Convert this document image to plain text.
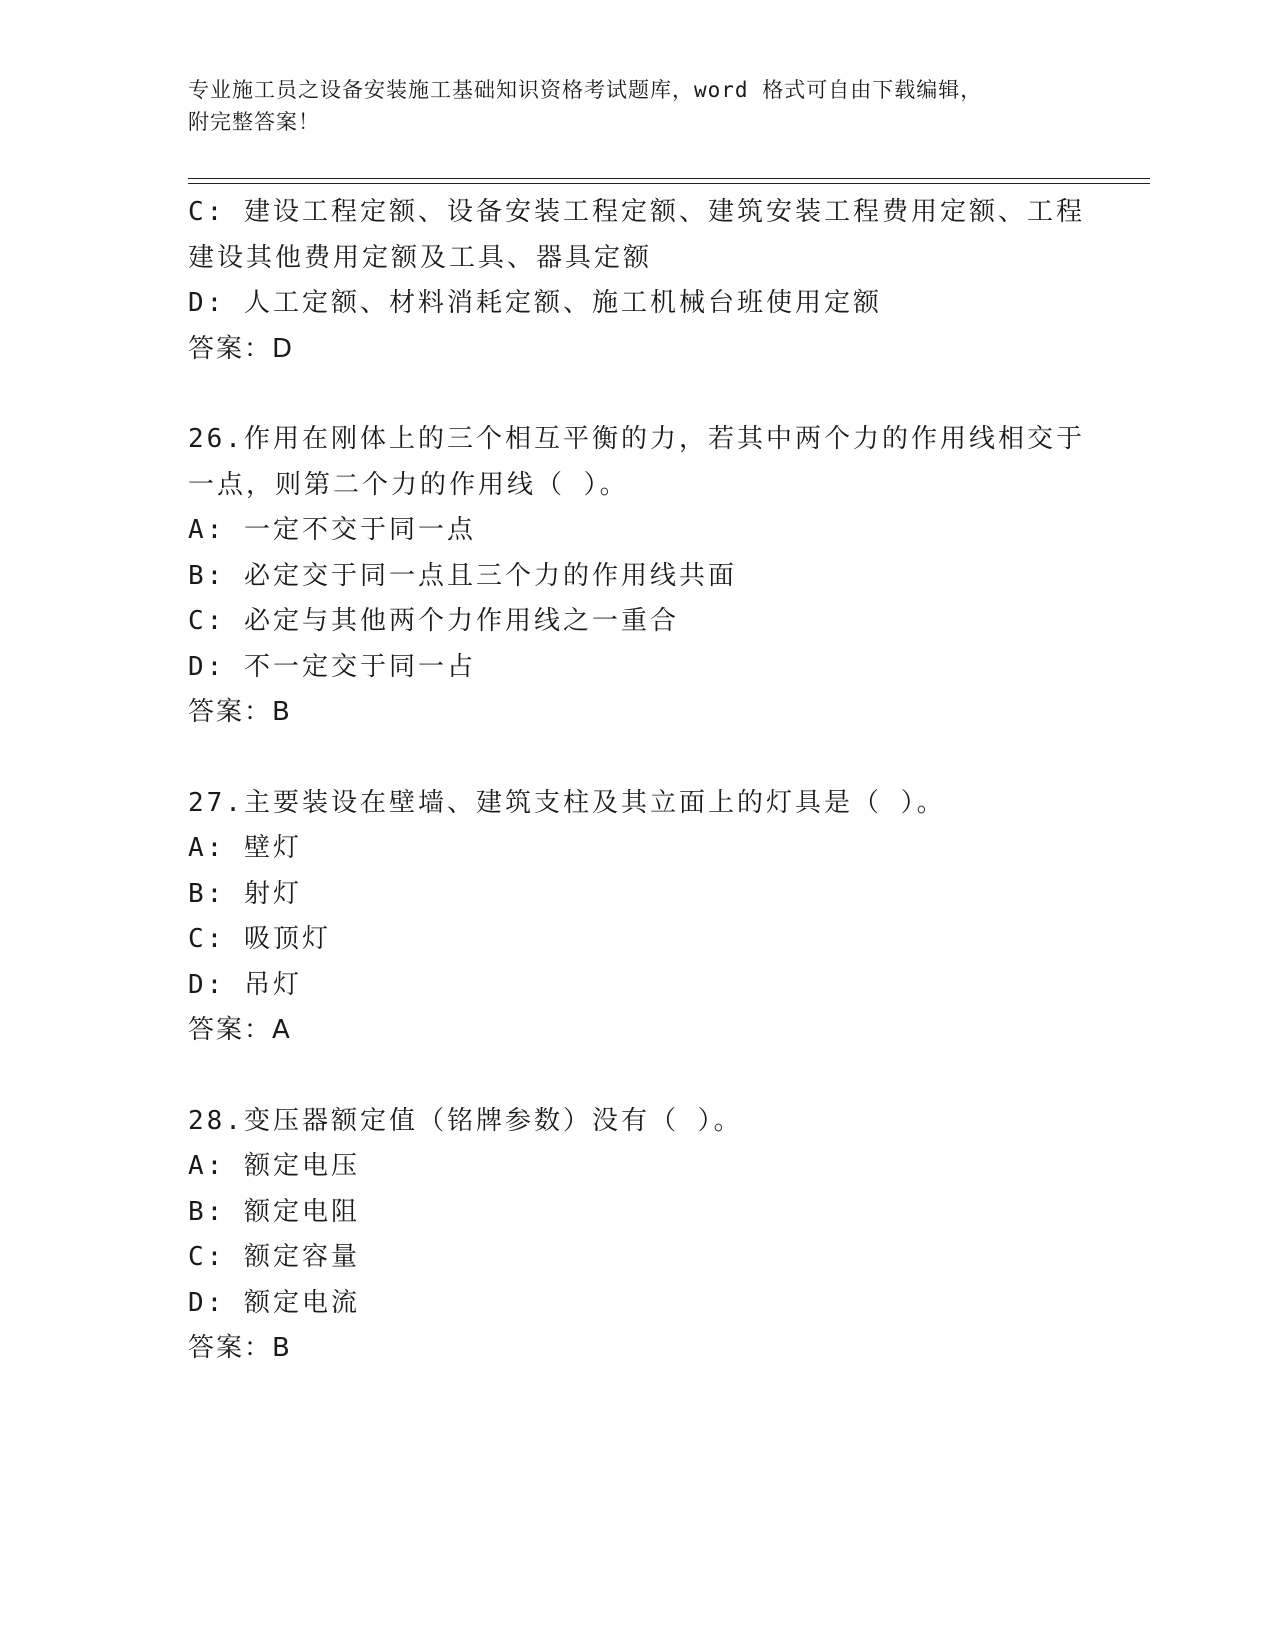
专业施工员之设备安装施工基础知识资格考试题库，word 格式可自由下载编辑，
附完整答案！

C: 建设工程定额、设备安装工程定额、建筑安装工程费用定额、工程

建设其他费用定额及工具、器具定额

D: 人工定额、材料消耗定额、施工机械台班使用定额

答案：D

26.作用在刚体上的三个相互平衡的力，若其中两个力的作用线相交于

一点，则第二个力的作用线（ ）。

A: 一定不交于同一点

B: 必定交于同一点且三个力的作用线共面

C: 必定与其他两个力作用线之一重合

D: 不一定交于同一占

答案：B

27.主要装设在壁墙、建筑支柱及其立面上的灯具是（ ）。

A: 壁灯

B: 射灯

C: 吸顶灯

D: 吊灯

答案：A

28.变压器额定值（铭牌参数）没有（ ）。

A: 额定电压

B: 额定电阻

C: 额定容量

D: 额定电流

答案：B
